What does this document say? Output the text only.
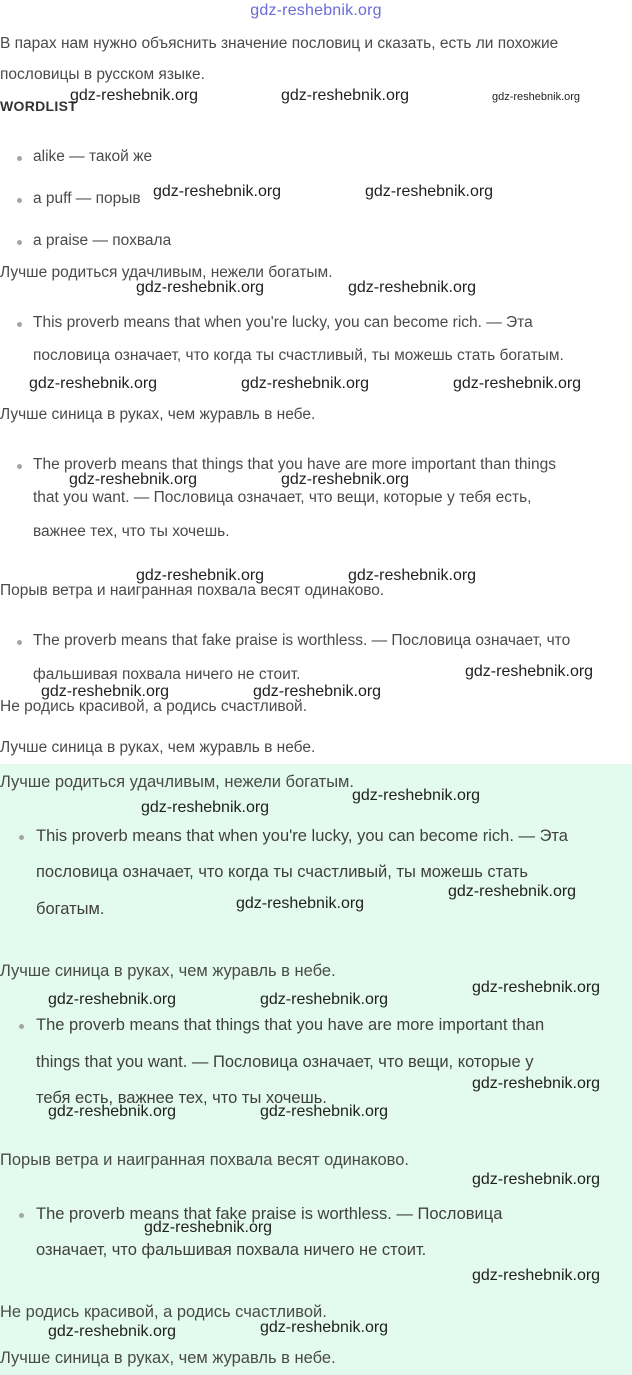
gdz-reshebnik.org
В парах нам нужно объяснить значение пословиц и сказать, есть ли похожие
пословицы в русском языке.
WORDLIST
alike — такой же
a puff — порыв
a praise — похвала
Лучше родиться удачливым, нежели богатым.
This proverb means that when you're lucky, you can become rich. — Эта
пословица означает, что когда ты счастливый, ты можешь стать богатым.
Лучше синица в руках, чем журавль в небе.
The proverb means that things that you have are more important than things
that you want. — Пословица означает, что вещи, которые у тебя есть,
важнее тех, что ты хочешь.
Порыв ветра и наигранная похвала весят одинаково.
The proverb means that fake praise is worthless. — Пословица означает, что
фальшивая похвала ничего не стоит.
Не родись красивой, а родись счастливой.
Лучше синица в руках, чем журавль в небе.
Лучше родиться удачливым, нежели богатым.
This proverb means that when you're lucky, you can become rich. — Эта
пословица означает, что когда ты счастливый, ты можешь стать
богатым.
Лучше синица в руках, чем журавль в небе.
The proverb means that things that you have are more important than
things that you want. — Пословица означает, что вещи, которые у
тебя есть, важнее тех, что ты хочешь.
Порыв ветра и наигранная похвала весят одинаково.
The proverb means that fake praise is worthless. — Пословица
означает, что фальшивая похвала ничего не стоит.
Не родись красивой, а родись счастливой.
Лучше синица в руках, чем журавль в небе.
gdz-reshebnik.org	gdz-reshebnik.org	gdz-reshebnik.org
gdz-reshebnik.org	gdz-reshebnik.org
gdz-reshebnik.org	gdz-reshebnik.org
gdz-reshebnik.org	gdz-reshebnik.org	gdz-reshebnik.org
gdz-reshebnik.org	gdz-reshebnik.org
gdz-reshebnik.org	gdz-reshebnik.org
gdz-reshebnik.org
gdz-reshebnik.org	gdz-reshebnik.org
gdz-reshebnik.org
gdz-reshebnik.org
gdz-reshebnik.org
gdz-reshebnik.org
gdz-reshebnik.org
gdz-reshebnik.org	gdz-reshebnik.org
gdz-reshebnik.org
gdz-reshebnik.org	gdz-reshebnik.org
gdz-reshebnik.org
gdz-reshebnik.org
gdz-reshebnik.org
gdz-reshebnik.org
gdz-reshebnik.org
